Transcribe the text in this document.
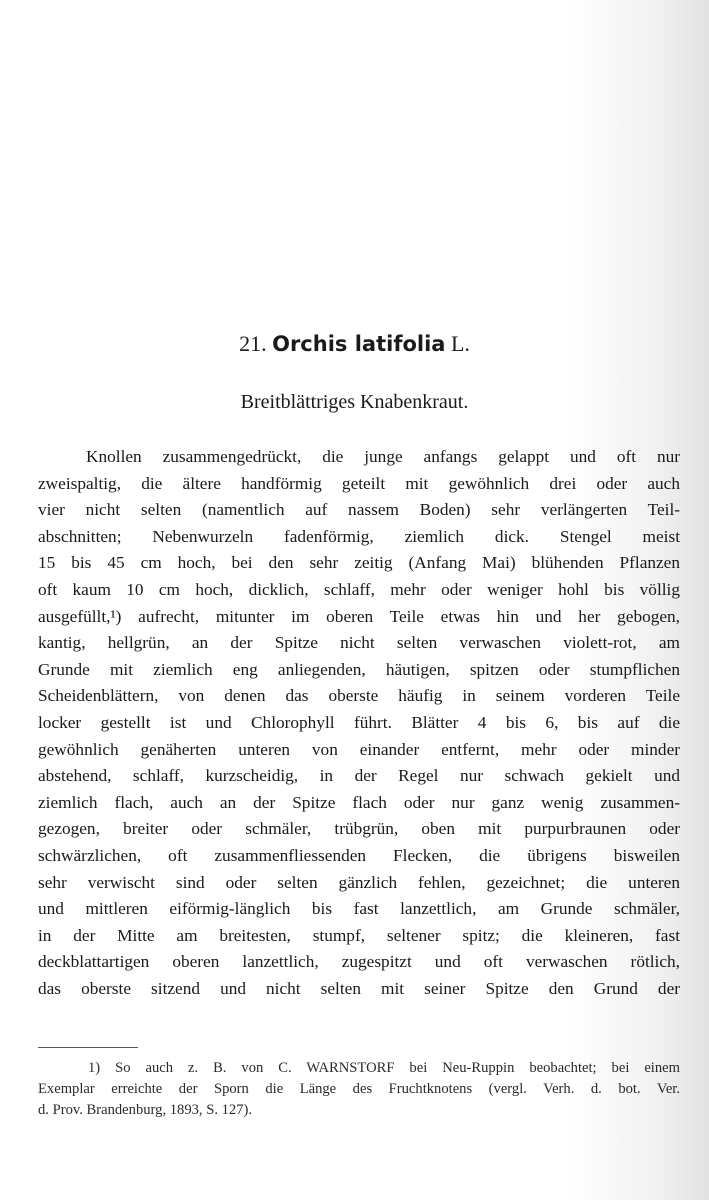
21. Orchis latifolia L.
Breitblättriges Knabenkraut.
Knollen zusammengedrückt, die junge anfangs gelappt und oft nur
zweispaltig, die ältere handförmig geteilt mit gewöhnlich drei oder auch
vier nicht selten (namentlich auf nassem Boden) sehr verlängerten Teil-
abschnitten; Nebenwurzeln fadenförmig, ziemlich dick. Stengel meist
15 bis 45 cm hoch, bei den sehr zeitig (Anfang Mai) blühenden Pflanzen
oft kaum 10 cm hoch, dicklich, schlaff, mehr oder weniger hohl bis völlig
ausgefüllt,¹) aufrecht, mitunter im oberen Teile etwas hin und her gebogen,
kantig, hellgrün, an der Spitze nicht selten verwaschen violett-rot, am
Grunde mit ziemlich eng anliegenden, häutigen, spitzen oder stumpflichen
Scheidenblättern, von denen das oberste häufig in seinem vorderen Teile
locker gestellt ist und Chlorophyll führt. Blätter 4 bis 6, bis auf die
gewöhnlich genäherten unteren von einander entfernt, mehr oder minder
abstehend, schlaff, kurzscheidig, in der Regel nur schwach gekielt und
ziemlich flach, auch an der Spitze flach oder nur ganz wenig zusammen-
gezogen, breiter oder schmäler, trübgrün, oben mit purpurbraunen oder
schwärzlichen, oft zusammenfliessenden Flecken, die übrigens bisweilen
sehr verwischt sind oder selten gänzlich fehlen, gezeichnet; die unteren
und mittleren eiförmig-länglich bis fast lanzettlich, am Grunde schmäler,
in der Mitte am breitesten, stumpf, seltener spitz; die kleineren, fast
deckblattartigen oberen lanzettlich, zugespitzt und oft verwaschen rötlich,
das oberste sitzend und nicht selten mit seiner Spitze den Grund der
1) So auch z. B. von C. WARNSTORF bei Neu-Ruppin beobachtet; bei einem
Exemplar erreichte der Sporn die Länge des Fruchtknotens (vergl. Verh. d. bot. Ver.
d. Prov. Brandenburg, 1893, S. 127).
